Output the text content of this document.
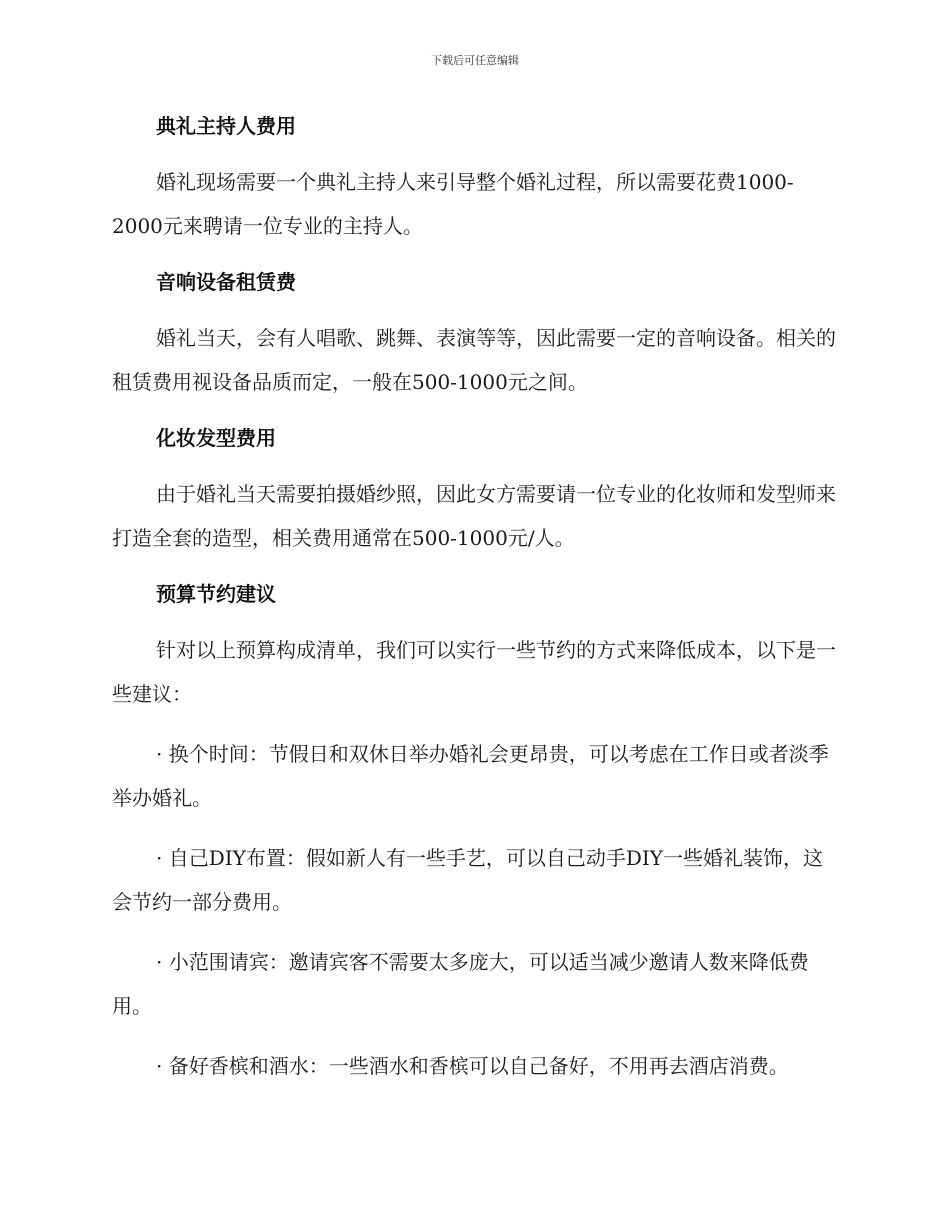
下载后可任意编辑
典礼主持人费用

婚礼现场需要一个典礼主持人来引导整个婚礼过程，所以需要花费1000-2000元来聘请一位专业的主持人。

音响设备租赁费

婚礼当天，会有人唱歌、跳舞、表演等等，因此需要一定的音响设备。相关的租赁费用视设备品质而定，一般在500-1000元之间。

化妆发型费用

由于婚礼当天需要拍摄婚纱照，因此女方需要请一位专业的化妆师和发型师来打造全套的造型，相关费用通常在500-1000元/人。

预算节约建议

针对以上预算构成清单，我们可以实行一些节约的方式来降低成本，以下是一些建议：

· 换个时间：节假日和双休日举办婚礼会更昂贵，可以考虑在工作日或者淡季举办婚礼。

· 自己DIY布置：假如新人有一些手艺，可以自己动手DIY一些婚礼装饰，这会节约一部分费用。

· 小范围请宾：邀请宾客不需要太多庞大，可以适当减少邀请人数来降低费用。

· 备好香槟和酒水：一些酒水和香槟可以自己备好，不用再去酒店消费。
